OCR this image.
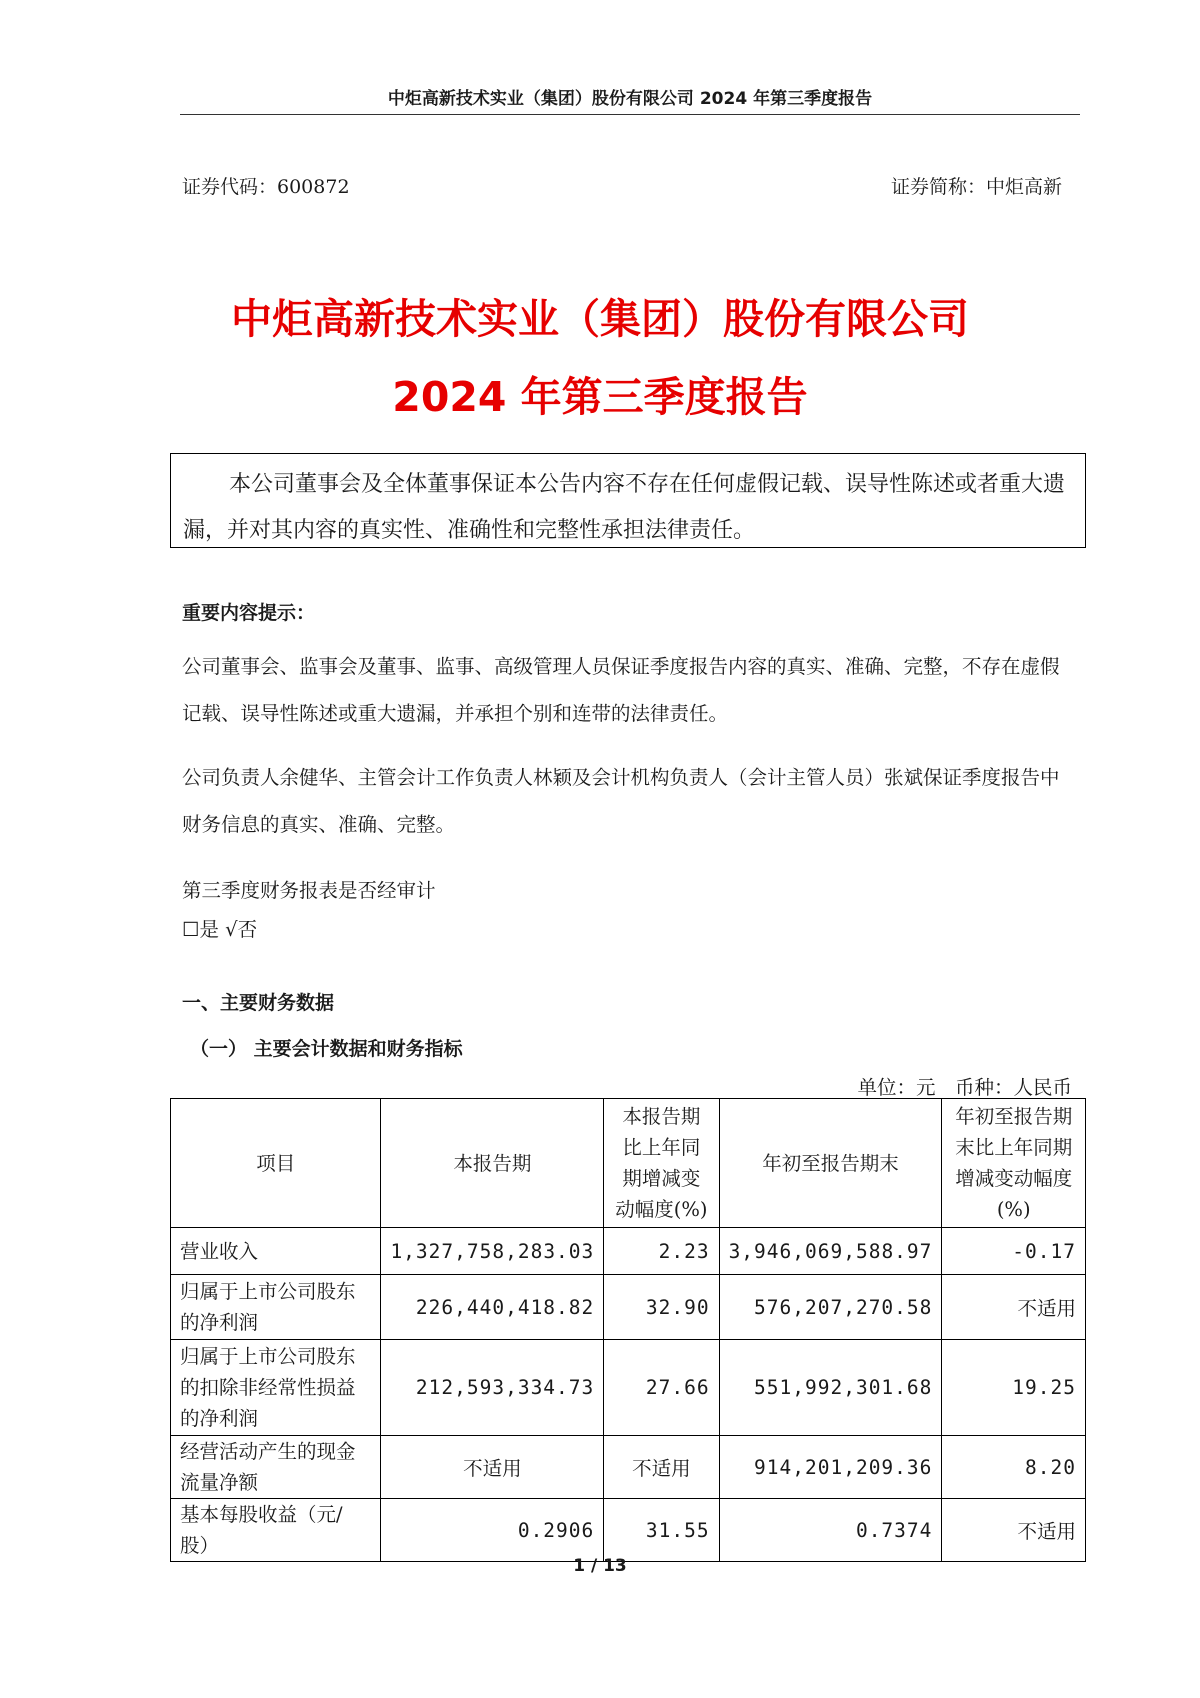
中炬高新技术实业（集团）股份有限公司 2024 年第三季度报告
证券代码：600872	证券简称：中炬高新
中炬高新技术实业（集团）股份有限公司
2024 年第三季度报告
本公司董事会及全体董事保证本公告内容不存在任何虚假记载、误导性陈述或者重大遗漏，并对其内容的真实性、准确性和完整性承担法律责任。
重要内容提示：
公司董事会、监事会及董事、监事、高级管理人员保证季度报告内容的真实、准确、完整，不存在虚假记载、误导性陈述或重大遗漏，并承担个别和连带的法律责任。
公司负责人余健华、主管会计工作负责人林颖及会计机构负责人（会计主管人员）张斌保证季度报告中财务信息的真实、准确、完整。
第三季度财务报表是否经审计
☐是 √否
一、主要财务数据
（一） 主要会计数据和财务指标
单位：元　币种：人民币
项目	本报告期	本报告期比上年同期增减变动幅度(%)	年初至报告期末	年初至报告期末比上年同期增减变动幅度(%)
营业收入	1,327,758,283.03	2.23	3,946,069,588.97	-0.17
归属于上市公司股东的净利润	226,440,418.82	32.90	576,207,270.58	不适用
归属于上市公司股东的扣除非经常性损益的净利润	212,593,334.73	27.66	551,992,301.68	19.25
经营活动产生的现金流量净额	不适用	不适用	914,201,209.36	8.20
基本每股收益（元/股）	0.2906	31.55	0.7374	不适用
1 / 13
